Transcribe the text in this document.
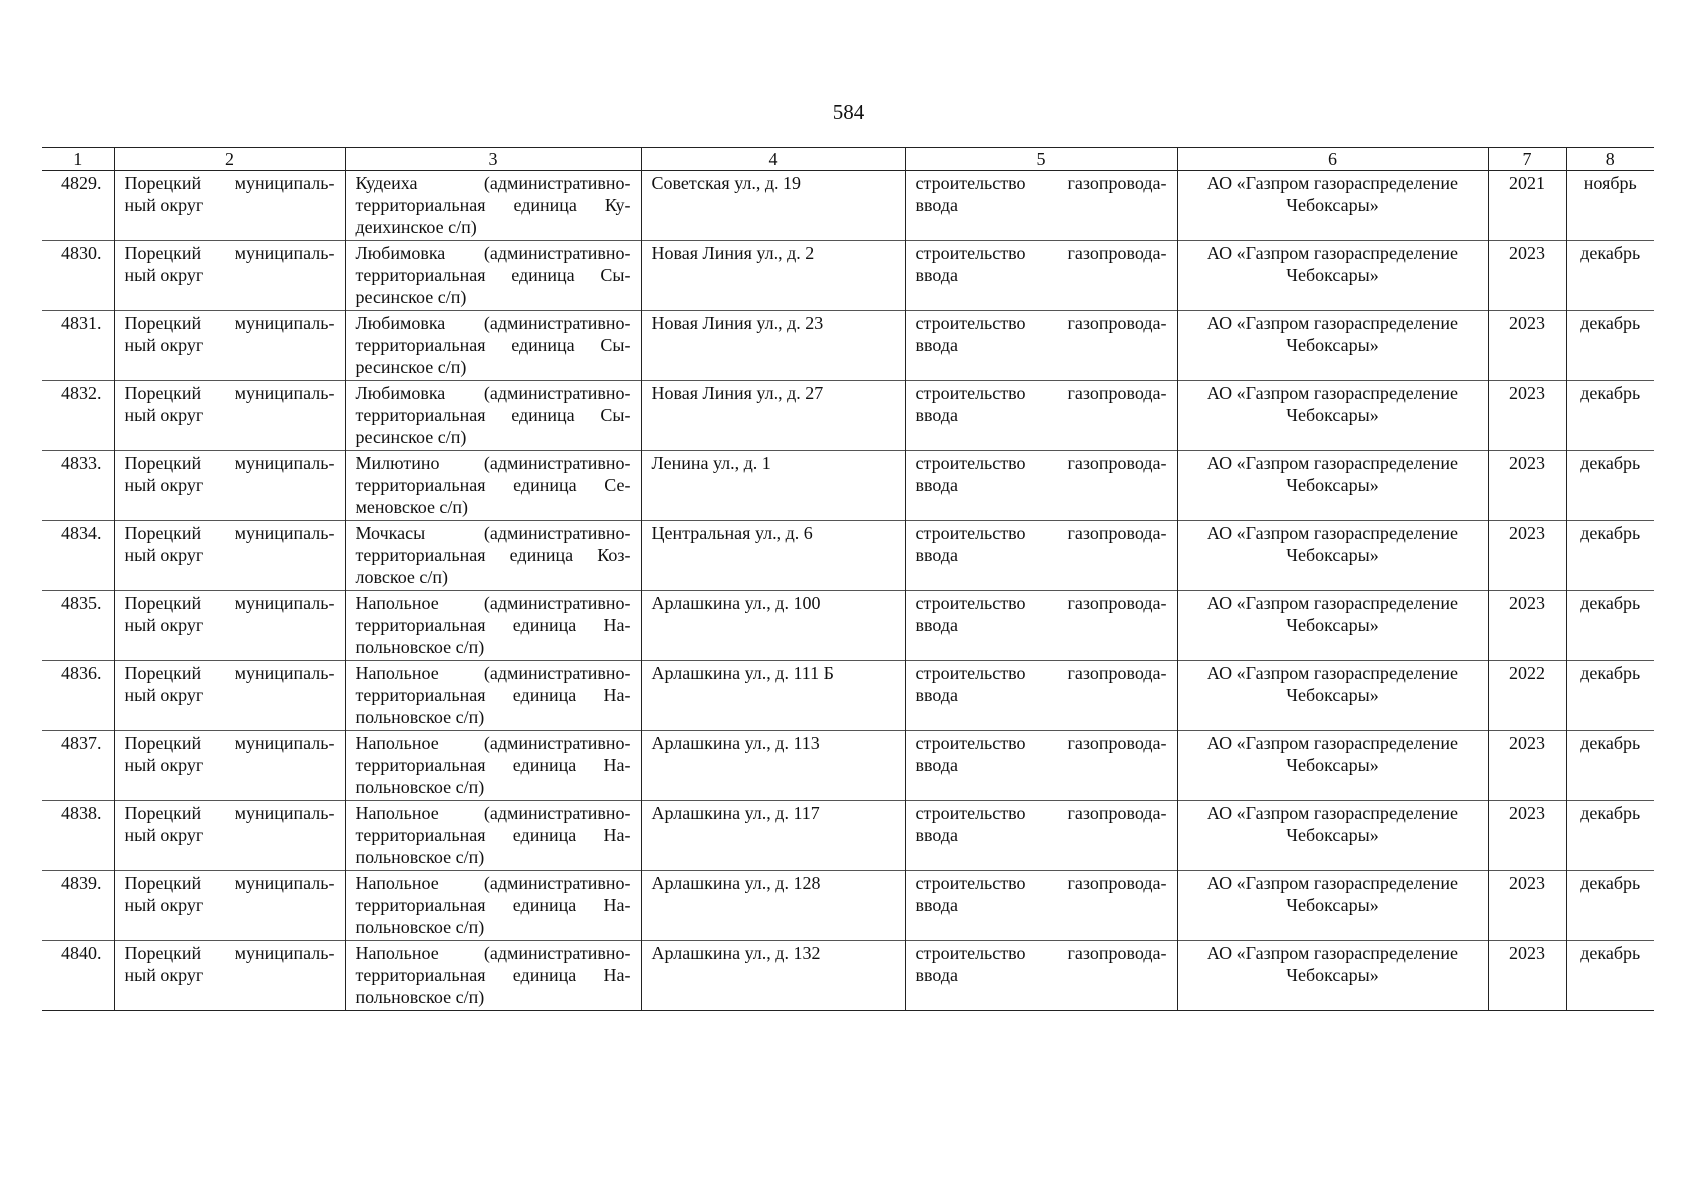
584
1	2	3	4	5	6	7	8
4829.	Порецкий муниципаль-ный округ	Кудеиха (административно-территориальная единица Ку-деихинское с/п)	Советская ул., д. 19	строительство газопровода-ввода	АО «Газпром газораспределение Чебоксары»	2021	ноябрь
4830.	Порецкий муниципаль-ный округ	Любимовка (административно-территориальная единица Сы-ресинское с/п)	Новая Линия ул., д. 2	строительство газопровода-ввода	АО «Газпром газораспределение Чебоксары»	2023	декабрь
4831.	Порецкий муниципаль-ный округ	Любимовка (административно-территориальная единица Сы-ресинское с/п)	Новая Линия ул., д. 23	строительство газопровода-ввода	АО «Газпром газораспределение Чебоксары»	2023	декабрь
4832.	Порецкий муниципаль-ный округ	Любимовка (административно-территориальная единица Сы-ресинское с/п)	Новая Линия ул., д. 27	строительство газопровода-ввода	АО «Газпром газораспределение Чебоксары»	2023	декабрь
4833.	Порецкий муниципаль-ный округ	Милютино (административно-территориальная единица Се-меновское с/п)	Ленина ул., д. 1	строительство газопровода-ввода	АО «Газпром газораспределение Чебоксары»	2023	декабрь
4834.	Порецкий муниципаль-ный округ	Мочкасы (административно-территориальная единица Коз-ловское с/п)	Центральная ул., д. 6	строительство газопровода-ввода	АО «Газпром газораспределение Чебоксары»	2023	декабрь
4835.	Порецкий муниципаль-ный округ	Напольное (административно-территориальная единица На-польновское с/п)	Арлашкина ул., д. 100	строительство газопровода-ввода	АО «Газпром газораспределение Чебоксары»	2023	декабрь
4836.	Порецкий муниципаль-ный округ	Напольное (административно-территориальная единица На-польновское с/п)	Арлашкина ул., д. 111 Б	строительство газопровода-ввода	АО «Газпром газораспределение Чебоксары»	2022	декабрь
4837.	Порецкий муниципаль-ный округ	Напольное (административно-территориальная единица На-польновское с/п)	Арлашкина ул., д. 113	строительство газопровода-ввода	АО «Газпром газораспределение Чебоксары»	2023	декабрь
4838.	Порецкий муниципаль-ный округ	Напольное (административно-территориальная единица На-польновское с/п)	Арлашкина ул., д. 117	строительство газопровода-ввода	АО «Газпром газораспределение Чебоксары»	2023	декабрь
4839.	Порецкий муниципаль-ный округ	Напольное (административно-территориальная единица На-польновское с/п)	Арлашкина ул., д. 128	строительство газопровода-ввода	АО «Газпром газораспределение Чебоксары»	2023	декабрь
4840.	Порецкий муниципаль-ный округ	Напольное (административно-территориальная единица На-польновское с/п)	Арлашкина ул., д. 132	строительство газопровода-ввода	АО «Газпром газораспределение Чебоксары»	2023	декабрь
